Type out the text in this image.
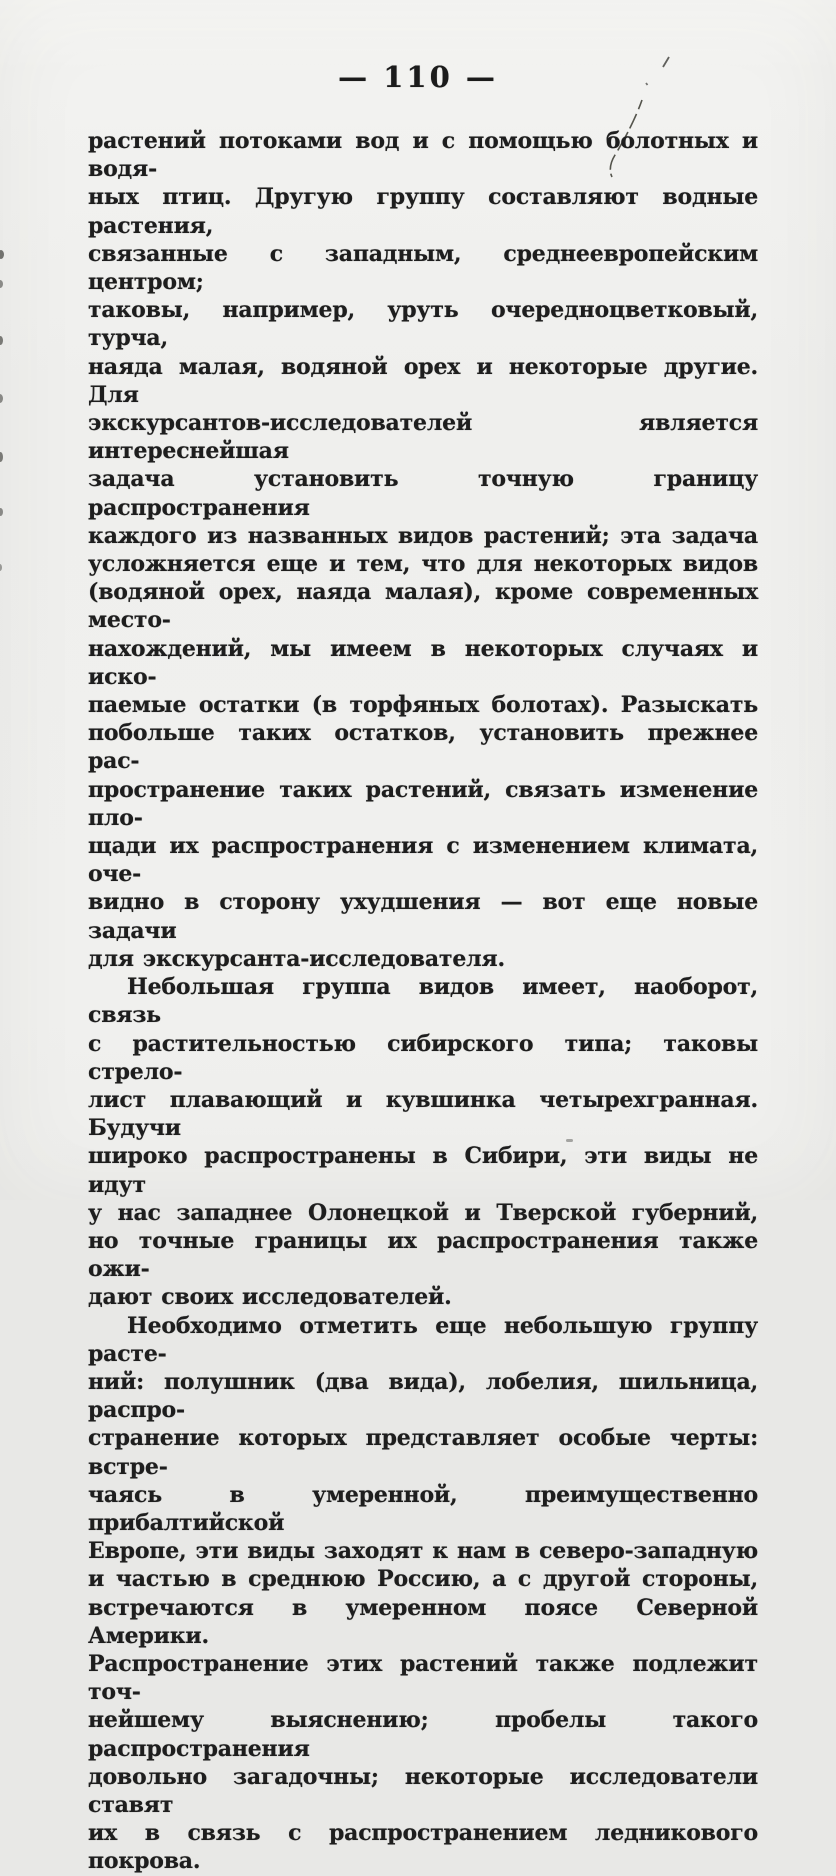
— 110 —
растений потоками вод и с помощью болотных и водя-
ных птиц. Другую группу составляют водные растения,
связанные с западным, среднеевропейским центром;
таковы, например, уруть очередноцветковый, турча,
наяда малая, водяной орех и некоторые другие. Для
экскурсантов-исследователей является интереснейшая
задача установить точную границу распространения
каждого из названных видов растений; эта задача
усложняется еще и тем, что для некоторых видов
(водяной орех, наяда малая), кроме современных место-
нахождений, мы имеем в некоторых случаях и иско-
паемые остатки (в торфяных болотах). Разыскать
побольше таких остатков, установить прежнее рас-
пространение таких растений, связать изменение пло-
щади их распространения с изменением климата, оче-
видно в сторону ухудшения — вот еще новые задачи
для экскурсанта-исследователя.
Небольшая группа видов имеет, наоборот, связь
с растительностью сибирского типа; таковы стрело-
лист плавающий и кувшинка четырехгранная. Будучи
широко распространены в Сибири, эти виды не идут
у нас западнее Олонецкой и Тверской губерний,
но точные границы их распространения также ожи-
дают своих исследователей.
Необходимо отметить еще небольшую группу расте-
ний: полушник (два вида), лобелия, шильница, распро-
странение которых представляет особые черты: встре-
чаясь в умеренной, преимущественно прибалтийской
Европе, эти виды заходят к нам в северо-западную
и частью в среднюю Россию, а с другой стороны,
встречаются в умеренном поясе Северной Америки.
Распространение этих растений также подлежит точ-
нейшему выяснению; пробелы такого распространения
довольно загадочны; некоторые исследователи ставят
их в связь с распространением ледникового покрова.
